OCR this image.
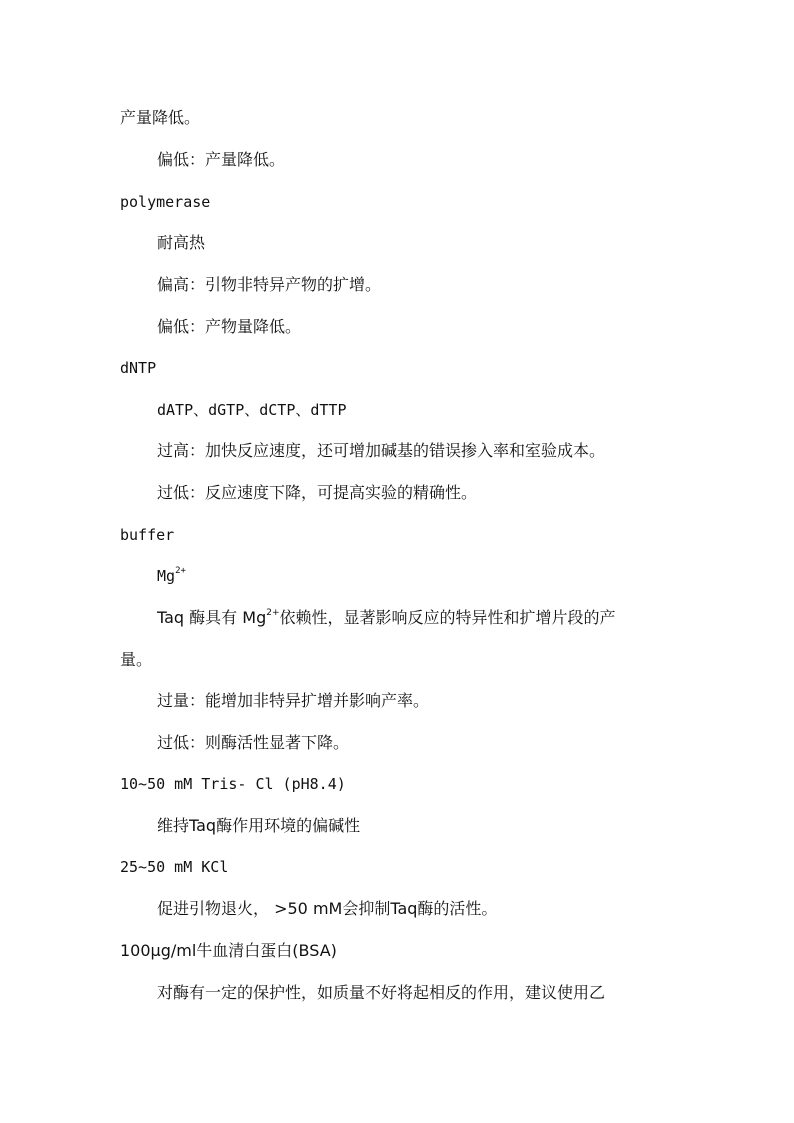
产量降低。
偏低：产量降低。
polymerase
耐高热
偏高：引物非特异产物的扩增。
偏低：产物量降低。
dNTP
dATP、dGTP、dCTP、dTTP
过高：加快反应速度，还可增加碱基的错误掺入率和室验成本。
过低：反应速度下降，可提高实验的精确性。
buffer
$Mg^{2+}$
Taq 酶具有 $Mg^{2+}$依赖性，显著影响反应的特异性和扩增片段的产
量。
过量：能增加非特异扩增并影响产率。
过低：则酶活性显著下降。
10~50 mM Tris- Cl (pH8.4)
维持Taq酶作用环境的偏碱性
25~50 mM KCl
促进引物退火， >50 mM会抑制Taq酶的活性。
100μg/ml牛血清白蛋白(BSA)
对酶有一定的保护性，如质量不好将起相反的作用，建议使用乙
